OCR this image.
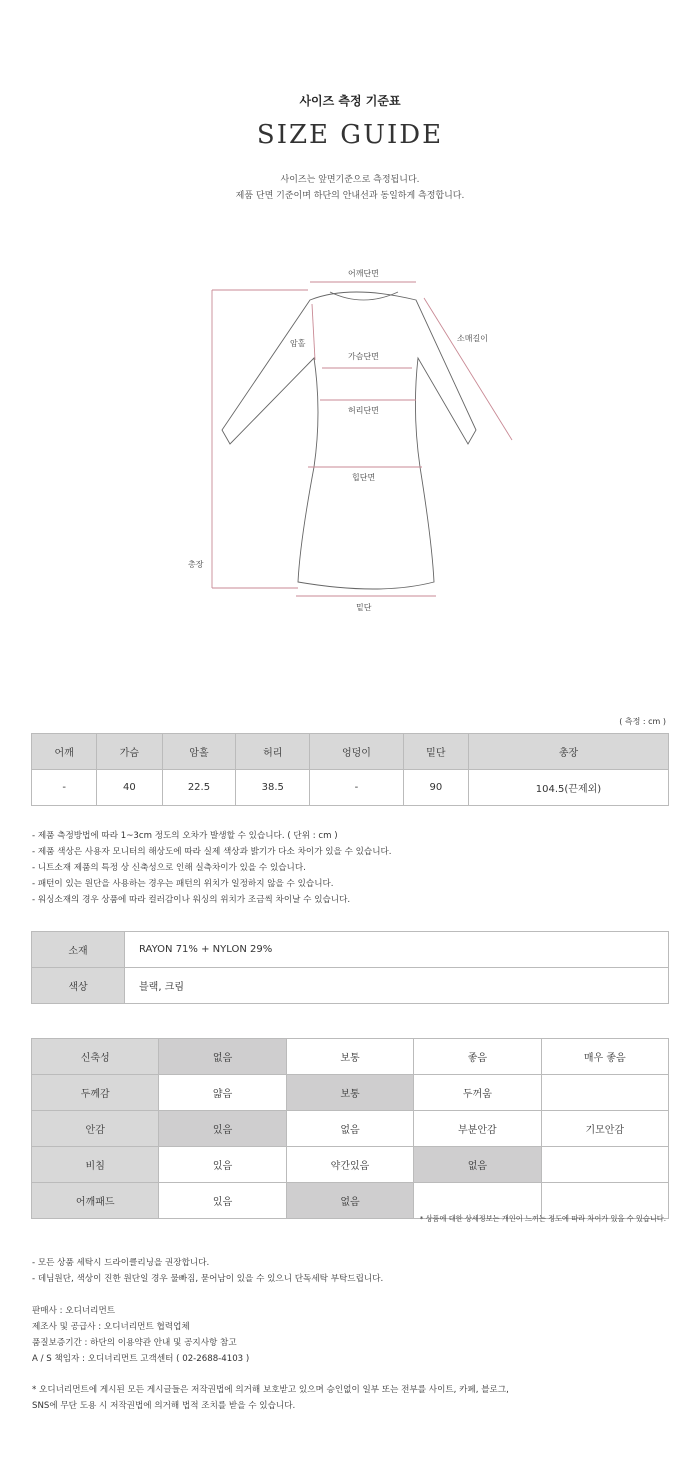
사이즈 측정 기준표
SIZE GUIDE
사이즈는 앞면기준으로 측정됩니다.
제품 단면 기준이며 하단의 안내선과 동일하게 측정합니다.
어깨단면
암홀
가슴단면
소매길이
허리단면
힙단면
총장
밑단
( 측정 : cm )
어깨	가슴	암홀	허리	엉덩이	밑단	총장
-	40	22.5	38.5	-	90	104.5(끈제외)
- 제품 측정방법에 따라 1~3cm 정도의 오차가 발생할 수 있습니다. ( 단위 : cm )
- 제품 색상은 사용자 모니터의 해상도에 따라 실제 색상과 밝기가 다소 차이가 있을 수 있습니다.
- 니트소재 제품의 특정 상 신축성으로 인해 실측차이가 있을 수 있습니다.
- 패턴이 있는 원단을 사용하는 경우는 패턴의 위치가 일정하지 않을 수 있습니다.
- 워싱소재의 경우 상품에 따라 컬러감이나 워싱의 위치가 조금씩 차이날 수 있습니다.
소재	RAYON 71% + NYLON 29%
색상	블랙, 크림
신축성	없음	보통	좋음	매우 좋음
두께감	얇음	보통	두꺼움	
안감	있음	없음	부분안감	기모안감
비침	있음	약간있음	없음	
어깨패드	있음	없음		
* 상품에 대한 상세정보는 개인이 느끼는 정도에 따라 차이가 있을 수 있습니다.
- 모든 상품 세탁시 드라이클리닝을 권장합니다.
- 데님원단, 색상이 진한 원단일 경우 물빠짐, 묻어남이 있을 수 있으니 단독세탁 부탁드립니다.
판매사 : 오디너리먼트
제조사 및 공급사 : 오디너리먼트 협력업체
품질보증기간 : 하단의 이용약관 안내 및 공지사항 참고
A / S 책임자 : 오디너리먼트 고객센터 ( 02-2688-4103 )
* 오디너리먼트에 게시된 모든 게시글들은 저작권법에 의거해 보호받고 있으며 승인없이 일부 또는 전부를 사이트, 카페, 블로그,
SNS에 무단 도용 시 저작권법에 의거해 법적 조치를 받을 수 있습니다.
